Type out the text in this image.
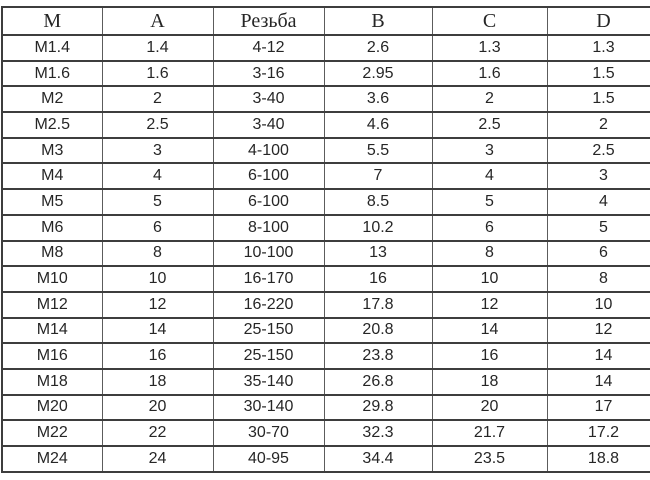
M	A	Резьба	B	C	D
M1.4	1.4	4-12	2.6	1.3	1.3
M1.6	1.6	3-16	2.95	1.6	1.5
M2	2	3-40	3.6	2	1.5
M2.5	2.5	3-40	4.6	2.5	2
M3	3	4-100	5.5	3	2.5
M4	4	6-100	7	4	3
M5	5	6-100	8.5	5	4
M6	6	8-100	10.2	6	5
M8	8	10-100	13	8	6
M10	10	16-170	16	10	8
M12	12	16-220	17.8	12	10
M14	14	25-150	20.8	14	12
M16	16	25-150	23.8	16	14
M18	18	35-140	26.8	18	14
M20	20	30-140	29.8	20	17
M22	22	30-70	32.3	21.7	17.2
M24	24	40-95	34.4	23.5	18.8
